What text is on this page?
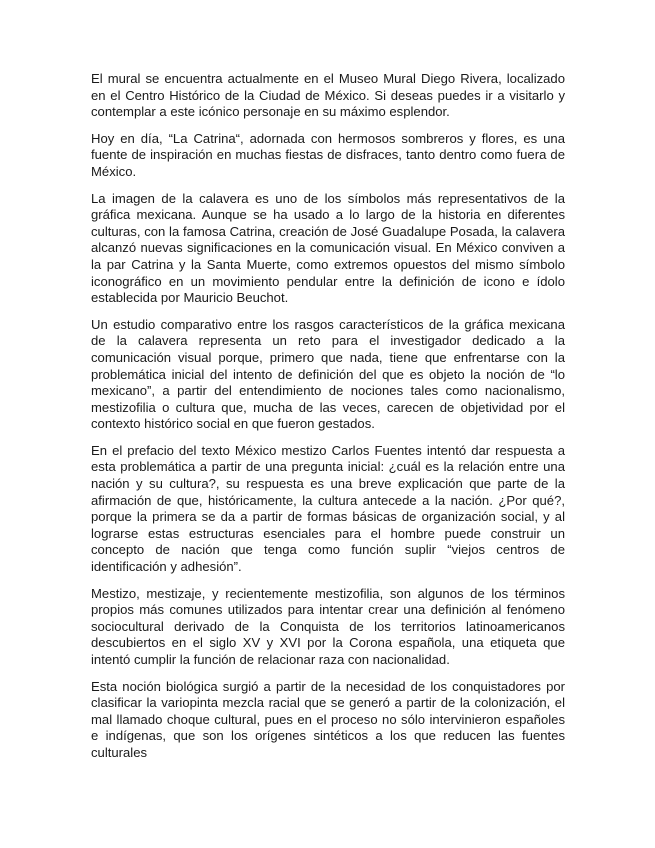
El mural se encuentra actualmente en el Museo Mural Diego Rivera, localizado en el Centro Histórico de la Ciudad de México. Si deseas puedes ir a visitarlo y contemplar a este icónico personaje en su máximo esplendor.

Hoy en día, “La Catrina“, adornada con hermosos sombreros y flores, es una fuente de inspiración en muchas fiestas de disfraces, tanto dentro como fuera de México.

La imagen de la calavera es uno de los símbolos más representativos de la gráfica mexicana. Aunque se ha usado a lo largo de la historia en diferentes culturas, con la famosa Catrina, creación de José Guadalupe Posada, la calavera alcanzó nuevas significaciones en la comunicación visual. En México conviven a la par Catrina y la Santa Muerte, como extremos opuestos del mismo símbolo iconográfico en un movimiento pendular entre la definición de icono e ídolo establecida por Mauricio Beuchot.

Un estudio comparativo entre los rasgos característicos de la gráfica mexicana de la calavera representa un reto para el investigador dedicado a la comunicación visual porque, primero que nada, tiene que enfrentarse con la problemática inicial del intento de definición del que es objeto la noción de “lo mexicano”, a partir del entendimiento de nociones tales como nacionalismo, mestizofilia o cultura que, mucha de las veces, carecen de objetividad por el contexto histórico social en que fueron gestados.

En el prefacio del texto México mestizo Carlos Fuentes intentó dar respuesta a esta problemática a partir de una pregunta inicial: ¿cuál es la relación entre una nación y su cultura?, su respuesta es una breve explicación que parte de la afirmación de que, históricamente, la cultura antecede a la nación. ¿Por qué?, porque la primera se da a partir de formas básicas de organización social, y al lograrse estas estructuras esenciales para el hombre puede construir un concepto de nación que tenga como función suplir “viejos centros de identificación y adhesión”.

Mestizo, mestizaje, y recientemente mestizofilia, son algunos de los términos propios más comunes utilizados para intentar crear una definición al fenómeno sociocultural derivado de la Conquista de los territorios latinoamericanos descubiertos en el siglo XV y XVI por la Corona española, una etiqueta que intentó cumplir la función de relacionar raza con nacionalidad.

Esta noción biológica surgió a partir de la necesidad de los conquistadores por clasificar la variopinta mezcla racial que se generó a partir de la colonización, el mal llamado choque cultural, pues en el proceso no sólo intervinieron españoles e indígenas, que son los orígenes sintéticos a los que reducen las fuentes culturales
